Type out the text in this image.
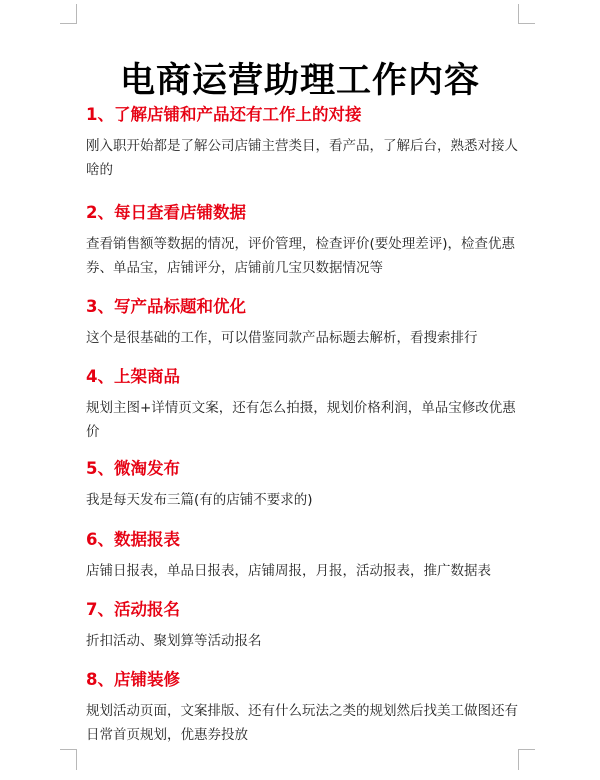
电商运营助理工作内容

1、了解店铺和产品还有工作上的对接

刚入职开始都是了解公司店铺主营类目，看产品，了解后台，熟悉对接人啥的

2、每日查看店铺数据

查看销售额等数据的情况，评价管理，检查评价(要处理差评)，检查优惠券、单品宝，店铺评分，店铺前几宝贝数据情况等

3、写产品标题和优化

这个是很基础的工作，可以借鉴同款产品标题去解析，看搜索排行

4、上架商品

规划主图+详情页文案，还有怎么拍摄，规划价格利润，单品宝修改优惠价

5、微淘发布

我是每天发布三篇(有的店铺不要求的)

6、数据报表

店铺日报表，单品日报表，店铺周报，月报，活动报表，推广数据表

7、活动报名

折扣活动、聚划算等活动报名

8、店铺装修

规划活动页面，文案排版、还有什么玩法之类的规划然后找美工做图还有日常首页规划，优惠券投放
